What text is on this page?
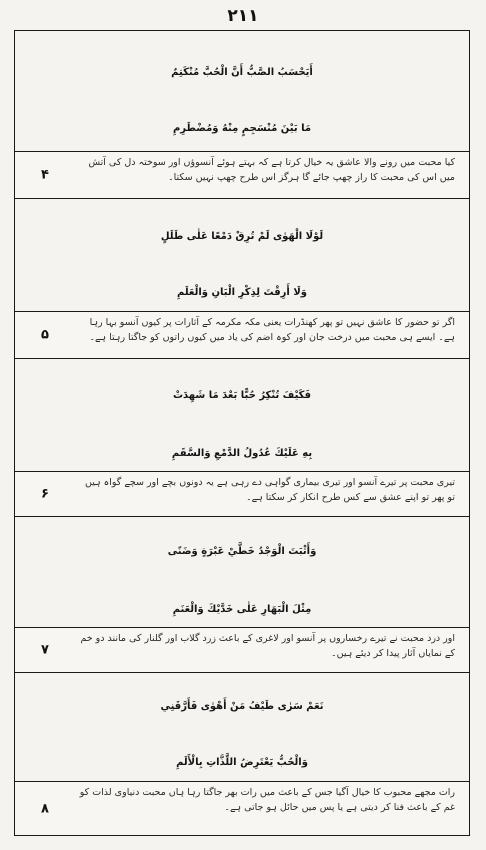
۲۱۱
أَيَحْسَبُ الصَّبُّ أَنَّ الْحُبَّ مُنْكَتِمٌ
مَا بَيْنَ مُنْسَجِمٍ مِنْهُ وَمُضْطَرِمِ
کیا محبت میں رونے والا عاشق یہ خیال کرتا ہے کہ بہتے ہوئے آنسوؤں اور سوختہ دل کی آتش میں اس کی محبت کا راز چھپ جائے گا ہرگز اس طرح چھپ نہیں سکتا۔
۴
لَوْلَا الْهَوٰى لَمْ تُرِقْ دَمْعًا عَلٰى طَلَلٍ
وَلَا أَرِقْتَ لِذِكْرِ الْبَانِ وَالْعَلَمِ
اگر تو حضور کا عاشق نہیں تو پھر کھنڈرات یعنی مکہ مکرمہ کے آثارات پر کیوں آنسو بہا رہا ہے۔ ایسے ہی محبت میں درخت جان اور کوہ اضم کی یاد میں کیوں راتوں کو جاگتا رہتا ہے۔
۵
فَكَيْفَ تُنْكِرُ حُبًّا بَعْدَ مَا شَهِدَتْ
بِهِ عَلَيْكَ عُدُولُ الدَّمْعِ وَالسَّقَمِ
تیری محبت پر تیرے آنسو اور تیری بیماری گواہی دے رہی ہے یہ دونوں بچے اور سچے گواہ ہیں تو پھر تو اپنے عشق سے کس طرح انکار کر سکتا ہے۔
۶
وَأَثْبَتَ الْوَجْدُ خَطَّيْ عَبْرَةٍ وَضَنًى
مِثْلَ الْبَهَارِ عَلٰى خَدَّيْكَ وَالْعَنَمِ
اور درد محبت نے تیرے رخساروں پر آنسو اور لاغری کے باعث زرد گلاب اور گلنار کی مانند دو خم کے نمایاں آثار پیدا کر دیئے ہیں۔
۷
نَعَمْ سَرٰى طَيْفُ مَنْ أَهْوٰى فَأَرَّقَنِي
وَالْحُبُّ يَعْتَرِضُ اللَّذَّاتِ بِالْأَلَمِ
رات مجھے محبوب کا خیال آگیا جس کے باعث میں رات بھر جاگتا رہا ہاں محبت دنیاوی لذات کو غم کے باعث فنا کر دیتی ہے یا پس میں حائل ہو جاتی ہے۔
۸
